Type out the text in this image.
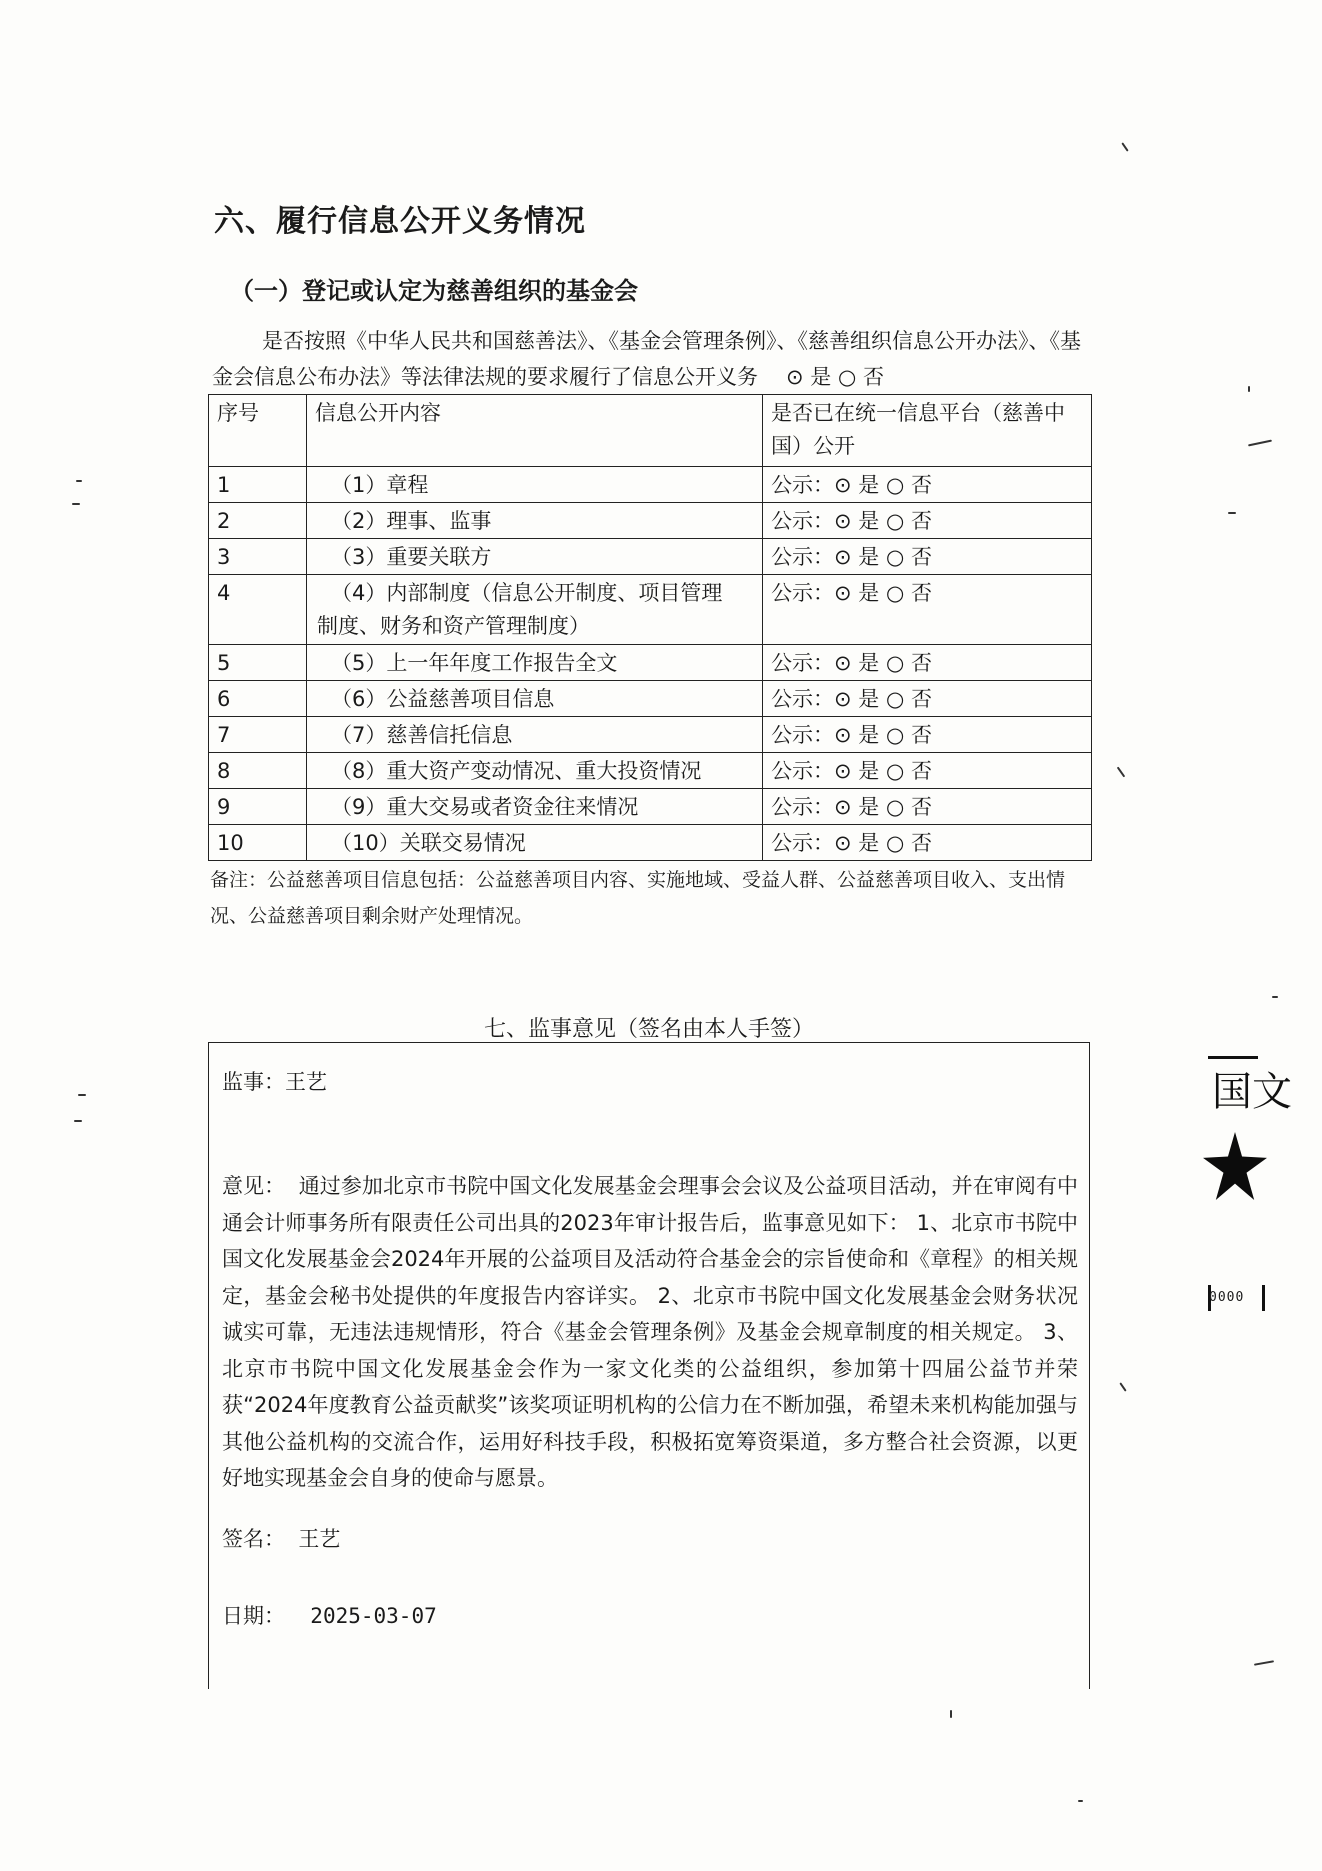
六、履行信息公开义务情况
（一）登记或认定为慈善组织的基金会
是否按照《中华人民共和国慈善法》、《基金会管理条例》、《慈善组织信息公开办法》、《基金会信息公布办法》等法律法规的要求履行了信息公开义务 ⊙ 是 ○ 否
序号	信息公开内容	是否已在统一信息平台（慈善中国）公开
1	（1）章程	公示：⊙ 是 ○ 否
2	（2）理事、监事	公示：⊙ 是 ○ 否
3	（3）重要关联方	公示：⊙ 是 ○ 否
4	（4）内部制度（信息公开制度、项目管理
制度、财务和资产管理制度）	公示：⊙ 是 ○ 否
5	（5）上一年年度工作报告全文	公示：⊙ 是 ○ 否
6	（6）公益慈善项目信息	公示：⊙ 是 ○ 否
7	（7）慈善信托信息	公示：⊙ 是 ○ 否
8	（8）重大资产变动情况、重大投资情况	公示：⊙ 是 ○ 否
9	（9）重大交易或者资金往来情况	公示：⊙ 是 ○ 否
10	（10）关联交易情况	公示：⊙ 是 ○ 否
备注：公益慈善项目信息包括：公益慈善项目内容、实施地域、受益人群、公益慈善项目收入、支出情况、公益慈善项目剩余财产处理情况。
七、监事意见（签名由本人手签）
监事：王艺
意见： 通过参加北京市书院中国文化发展基金会理事会会议及公益项目活动，并在审阅有中通会计师事务所有限责任公司出具的2023年审计报告后，监事意见如下： 1、北京市书院中国文化发展基金会2024年开展的公益项目及活动符合基金会的宗旨使命和《章程》的相关规定，基金会秘书处提供的年度报告内容详实。 2、北京市书院中国文化发展基金会财务状况诚实可靠，无违法违规情形，符合《基金会管理条例》及基金会规章制度的相关规定。 3、 北京市书院中国文化发展基金会作为一家文化类的公益组织，参加第十四届公益节并荣获“2024年度教育公益贡献奖”该奖项证明机构的公信力在不断加强，希望未来机构能加强与其他公益机构的交流合作，运用好科技手段，积极拓宽筹资渠道，多方整合社会资源，以更好地实现基金会自身的使命与愿景。
签名： 王艺
日期： 2025-03-07
国文
0000
